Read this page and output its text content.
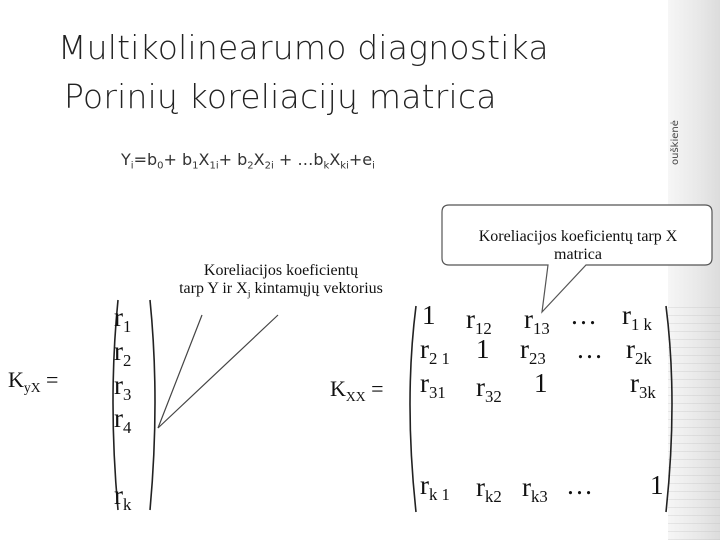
ouškienė
Multikolinearumo diagnostika
Porinių koreliacijų matrica
$Y_i=b_0+ b_1X_{1i}+ b_2X_{2i}$ + $\dots b_kX_{ki}+e_i$
Koreliacijos koeficientų tarp X
matrica
Koreliacijos koeficientų
tarp Y ir $X_j$ kintamųjų vektorius
$K_{yX}$ =
$r_1$
$r_2$
$r_3$
$r_4$
$r_k$
$K_{XX}$ =
1 $r_{12}$ $r_{13}$ … $r_{1 k}$
$r_{2 1}$ 1 $r_{23}$ … $r_{2k}$
$r_{31}$ $r_{32}$ 1	$r_{3k}$
$r_{k 1}$ $r_{k2}$ $r_{k3}$ … 1
